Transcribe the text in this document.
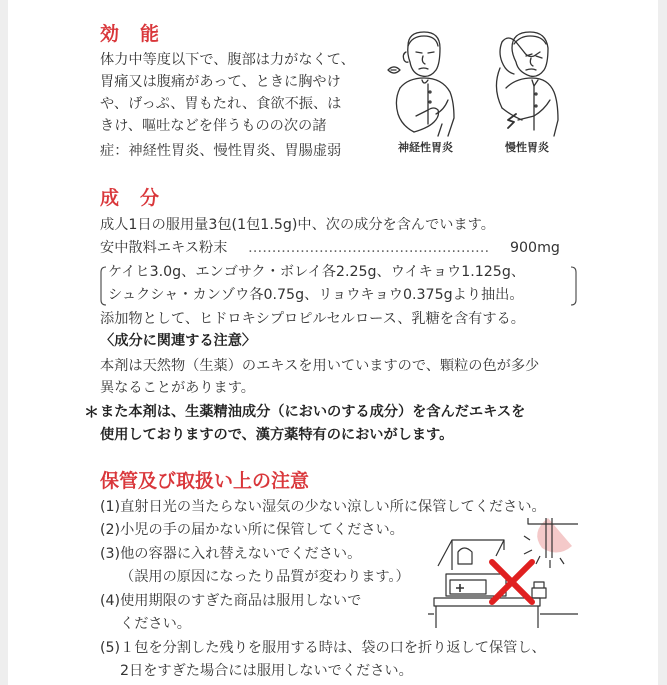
効　能
体力中等度以下で、腹部は力がなくて、
胃痛又は腹痛があって、ときに胸やけ
や、げっぷ、胃もたれ、食欲不振、は
きけ、嘔吐などを伴うものの次の諸
症：神経性胃炎、慢性胃炎、胃腸虚弱	神経性胃炎	慢性胃炎
成　分
成人1日の服用量3包(1包1.5g)中、次の成分を含んでいます。
安中散料エキス粉末 ……………………………………………	900mg
ケイヒ3.0g、エンゴサク・ボレイ各2.25g、ウイキョウ1.125g、
シュクシャ・カンゾウ各0.75g、リョウキョウ0.375gより抽出。
添加物として、ヒドロキシプロピルセルロース、乳糖を含有する。
〈成分に関連する注意〉
本剤は天然物（生薬）のエキスを用いていますので、顆粒の色が多少
異なることがあります。
＊ また本剤は、生薬精油成分（においのする成分）を含んだエキスを
使用しておりますので、漢方薬特有のにおいがします。
保管及び取扱い上の注意
(1)直射日光の当たらない湿気の少ない涼しい所に保管してください。
(2)小児の手の届かない所に保管してください。
(3)他の容器に入れ替えないでください。
（誤用の原因になったり品質が変わります。）
(4)使用期限のすぎた商品は服用しないで
ください。
(5)１包を分割した残りを服用する時は、袋の口を折り返して保管し、
2日をすぎた場合には服用しないでください。
